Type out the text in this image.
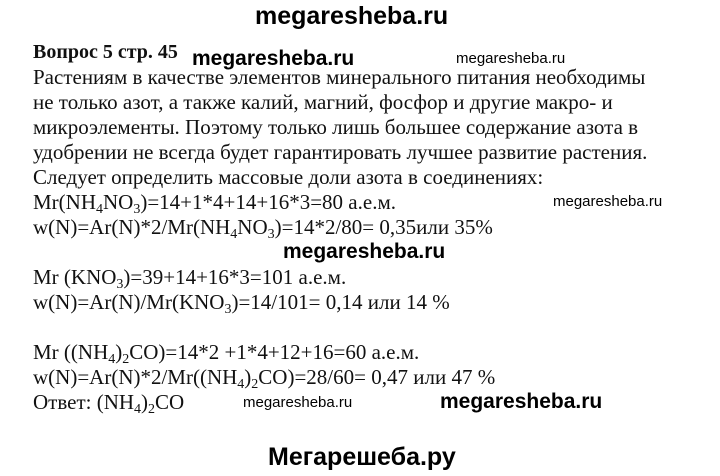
megaresheba.ru
megaresheba.ru	megaresheba.ru
megaresheba.ru
megaresheba.ru
megaresheba.ru	megaresheba.ru
Мегарешеба.ру
Вопрос 5 стр. 45
Растениям в качестве элементов минерального питания необходимы
не только азот, а также калий, магний, фосфор и другие макро- и
микроэлементы. Поэтому только лишь большее содержание азота в
удобрении не всегда будет гарантировать лучшее развитие растения.
Следует определить массовые доли азота в соединениях:
$Mr(NH_4NO_3)=14+1*4+14+16*3=80$ а.е.м.
$w(N)=Ar(N)*2/Mr(NH_4NO_3)=14*2/80= 0,35или$ 35%
Mr $(KNO_3)=39+14+16*3=101$ а.е.м.
$w(N)=Ar(N)/Mr(KNO_3)=14/101= 0,14$ или 14 %
Mr $((NH_4)_2CO)=14*2 +1*4+12+16=60$ а.е.м.
$w(N)=Ar(N)*2/Mr((NH_4)_2CO)=28/60= 0,47$ или 47 %
Ответ: $(NH_4)_2CO$
